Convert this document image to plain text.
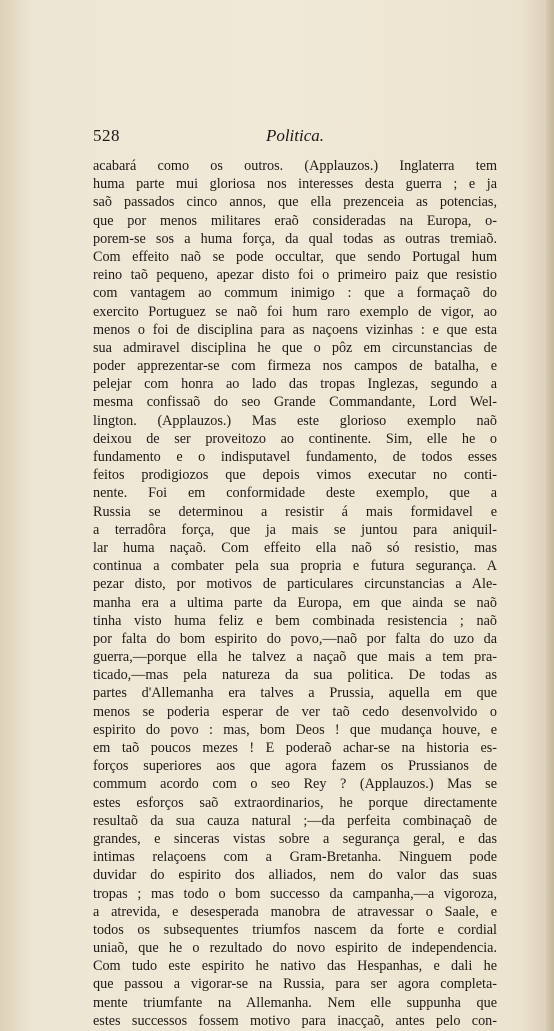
528	Politica.
acabará como os outros. (Applauzos.) Inglaterra tem
huma parte mui gloriosa nos interesses desta guerra ; e ja
saõ passados cinco annos, que ella prezenceia as potencias,
que por menos militares eraõ consideradas na Europa, o-
porem-se sos a huma força, da qual todas as outras tremiaõ.
Com effeito naõ se pode occultar, que sendo Portugal hum
reino taõ pequeno, apezar disto foi o primeiro paiz que resistio
com vantagem ao commum inimigo : que a formaçaõ do
exercito Portuguez se naõ foi hum raro exemplo de vigor, ao
menos o foi de disciplina para as naçoens vizinhas : e que esta
sua admiravel disciplina he que o pôz em circunstancias de
poder apprezentar-se com firmeza nos campos de batalha, e
pelejar com honra ao lado das tropas Inglezas, segundo a
mesma confissaõ do seo Grande Commandante, Lord Wel-
lington. (Applauzos.) Mas este glorioso exemplo naõ
deixou de ser proveitozo ao continente. Sim, elle he o
fundamento e o indisputavel fundamento, de todos esses
feitos prodigiozos que depois vimos executar no conti-
nente. Foi em conformidade deste exemplo, que a
Russia se determinou a resistir á mais formidavel e
a terradôra força, que ja mais se juntou para aniquil-
lar huma naçaõ. Com effeito ella naõ só resistio, mas
continua a combater pela sua propria e futura segurança. A
pezar disto, por motivos de particulares circunstancias a Ale-
manha era a ultima parte da Europa, em que ainda se naõ
tinha visto huma feliz e bem combinada resistencia ; naõ
por falta do bom espirito do povo,—naõ por falta do uzo da
guerra,—porque ella he talvez a naçaõ que mais a tem pra-
ticado,—mas pela natureza da sua politica. De todas as
partes d'Allemanha era talves a Prussia, aquella em que
menos se poderia esperar de ver taõ cedo desenvolvido o
espirito do povo : mas, bom Deos ! que mudança houve, e
em taõ poucos mezes ! E poderaõ achar-se na historia es-
forços superiores aos que agora fazem os Prussianos de
commum acordo com o seo Rey ? (Applauzos.) Mas se
estes esforços saõ extraordinarios, he porque directamente
resultaõ da sua cauza natural ;—da perfeita combinaçaõ de
grandes, e sinceras vistas sobre a segurança geral, e das
intimas relaçoens com a Gram-Bretanha. Ninguem pode
duvidar do espirito dos alliados, nem do valor das suas
tropas ; mas todo o bom successo da campanha,—a vigoroza,
a atrevida, e desesperada manobra de atravessar o Saale, e
todos os subsequentes triumfos nascem da forte e cordial
uniaõ, que he o rezultado do novo espirito de independencia.
Com tudo este espirito he nativo das Hespanhas, e dali he
que passou a vigorar-se na Russia, para ser agora completa-
mente triumfante na Allemanha. Nem elle suppunha que
estes successos fossem motivo para inacçaõ, antes pelo con-
